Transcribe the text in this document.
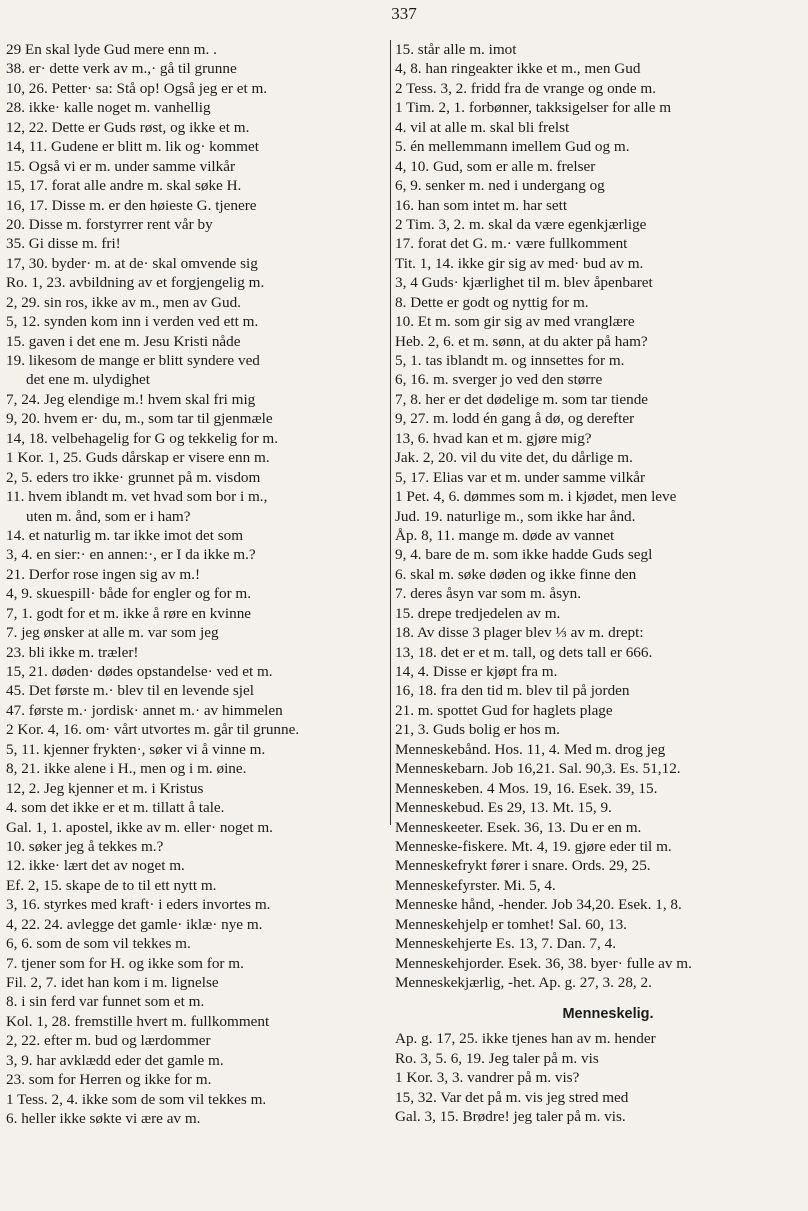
337
29 En skal lyde Gud mere enn m. .
38. er· dette verk av m.,· gå til grunne
10, 26. Petter· sa: Stå op! Også jeg er et m.
28. ikke· kalle noget m. vanhellig
12, 22. Dette er Guds røst, og ikke et m.
14, 11. Gudene er blitt m. lik og· kommet
15. Også vi er m. under samme vilkår
15, 17. forat alle andre m. skal søke H.
16, 17. Disse m. er den høieste G. tjenere
20. Disse m. forstyrrer rent vår by
35. Gi disse m. fri!
17, 30. byder· m. at de· skal omvende sig
Ro. 1, 23. avbildning av et forgjengelig m.
2, 29. sin ros, ikke av m., men av Gud.
5, 12. synden kom inn i verden ved ett m.
15. gaven i det ene m. Jesu Kristi nåde
19. likesom de mange er blitt syndere ved
det ene m. ulydighet
7, 24. Jeg elendige m.! hvem skal fri mig
9, 20. hvem er· du, m., som tar til gjenmæle
14, 18. velbehagelig for G og tekkelig for m.
1 Kor. 1, 25. Guds dårskap er visere enn m.
2, 5. eders tro ikke· grunnet på m. visdom
11. hvem iblandt m. vet hvad som bor i m.,
uten m. ånd, som er i ham?
14. et naturlig m. tar ikke imot det som
3, 4. en sier:· en annen:·, er I da ikke m.?
21. Derfor rose ingen sig av m.!
4, 9. skuespill· både for engler og for m.
7, 1. godt for et m. ikke å røre en kvinne
7. jeg ønsker at alle m. var som jeg
23. bli ikke m. træler!
15, 21. døden· dødes opstandelse· ved et m.
45. Det første m.· blev til en levende sjel
47. første m.· jordisk· annet m.· av himmelen
2 Kor. 4, 16. om· vårt utvortes m. går til grunne.
5, 11. kjenner frykten·, søker vi å vinne m.
8, 21. ikke alene i H., men og i m. øine.
12, 2. Jeg kjenner et m. i Kristus
4. som det ikke er et m. tillatt å tale.
Gal. 1, 1. apostel, ikke av m. eller· noget m.
10. søker jeg å tekkes m.?
12. ikke· lært det av noget m.
Ef. 2, 15. skape de to til ett nytt m.
3, 16. styrkes med kraft· i eders invortes m.
4, 22. 24. avlegge det gamle· iklæ· nye m.
6, 6. som de som vil tekkes m.
7. tjener som for H. og ikke som for m.
Fil. 2, 7. idet han kom i m. lignelse
8. i sin ferd var funnet som et m.
Kol. 1, 28. fremstille hvert m. fullkomment
2, 22. efter m. bud og lærdommer
3, 9. har avklædd eder det gamle m.
23. som for Herren og ikke for m.
1 Tess. 2, 4. ikke som de som vil tekkes m.
6. heller ikke søkte vi ære av m.
15. står alle m. imot
4, 8. han ringeakter ikke et m., men Gud
2 Tess. 3, 2. fridd fra de vrange og onde m.
1 Tim. 2, 1. forbønner, takksigelser for alle m
4. vil at alle m. skal bli frelst
5. én mellemmann imellem Gud og m.
4, 10. Gud, som er alle m. frelser
6, 9. senker m. ned i undergang og
16. han som intet m. har sett
2 Tim. 3, 2. m. skal da være egenkjærlige
17. forat det G. m.· være fullkomment
Tit. 1, 14. ikke gir sig av med· bud av m.
3, 4 Guds· kjærlighet til m. blev åpenbaret
8. Dette er godt og nyttig for m.
10. Et m. som gir sig av med vranglære
Heb. 2, 6. et m. sønn, at du akter på ham?
5, 1. tas iblandt m. og innsettes for m.
6, 16. m. sverger jo ved den større
7, 8. her er det dødelige m. som tar tiende
9, 27. m. lodd én gang å dø, og derefter
13, 6. hvad kan et m. gjøre mig?
Jak. 2, 20. vil du vite det, du dårlige m.
5, 17. Elias var et m. under samme vilkår
1 Pet. 4, 6. dømmes som m. i kjødet, men leve
Jud. 19. naturlige m., som ikke har ånd.
Åp. 8, 11. mange m. døde av vannet
9, 4. bare de m. som ikke hadde Guds segl
6. skal m. søke døden og ikke finne den
7. deres åsyn var som m. åsyn.
15. drepe tredjedelen av m.
18. Av disse 3 plager blev ⅓ av m. drept:
13, 18. det er et m. tall, og dets tall er 666.
14, 4. Disse er kjøpt fra m.
16, 18. fra den tid m. blev til på jorden
21. m. spottet Gud for haglets plage
21, 3. Guds bolig er hos m.
Menneskebånd. Hos. 11, 4. Med m. drog jeg
Menneskebarn. Job 16,21. Sal. 90,3. Es. 51,12.
Menneskeben. 4 Mos. 19, 16. Esek. 39, 15.
Menneskebud. Es 29, 13. Mt. 15, 9.
Menneskeeter. Esek. 36, 13. Du er en m.
Menneske-fiskere. Mt. 4, 19. gjøre eder til m.
Menneskefrykt fører i snare. Ords. 29, 25.
Menneskefyrster. Mi. 5, 4.
Menneske hånd, -hender. Job 34,20. Esek. 1, 8.
Menneskehjelp er tomhet! Sal. 60, 13.
Menneskehjerte Es. 13, 7. Dan. 7, 4.
Menneskehjorder. Esek. 36, 38. byer· fulle av m.
Menneskekjærlig, -het. Ap. g. 27, 3. 28, 2.
Menneskelig.
Ap. g. 17, 25. ikke tjenes han av m. hender
Ro. 3, 5. 6, 19. Jeg taler på m. vis
1 Kor. 3, 3. vandrer på m. vis?
15, 32. Var det på m. vis jeg stred med
Gal. 3, 15. Brødre! jeg taler på m. vis.
